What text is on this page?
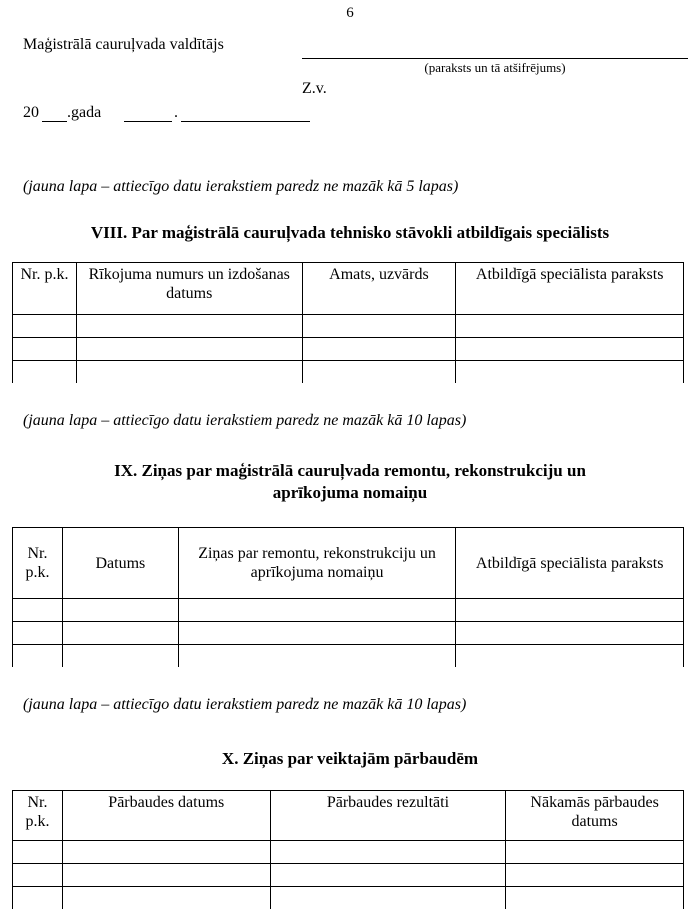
6
Maģistrālā cauruļvada valdītājs
(paraksts un tā atšifrējums)
Z.v.
20 .gada	.
(jauna lapa – attiecīgo datu ierakstiem paredz ne mazāk kā 5 lapas)
VIII. Par maģistrālā cauruļvada tehnisko stāvokli atbildīgais speciālists
Nr. p.k.	Rīkojuma numurs un izdošanas datums	Amats, uzvārds	Atbildīgā speciālista paraksts

(jauna lapa – attiecīgo datu ierakstiem paredz ne mazāk kā 10 lapas)
IX. Ziņas par maģistrālā cauruļvada remontu, rekonstrukciju un
aprīkojuma nomaiņu
Nr. p.k.	Datums	Ziņas par remontu, rekonstrukciju un aprīkojuma nomaiņu	Atbildīgā speciālista paraksts

(jauna lapa – attiecīgo datu ierakstiem paredz ne mazāk kā 10 lapas)
X. Ziņas par veiktajām pārbaudēm
Nr. p.k.	Pārbaudes datums	Pārbaudes rezultāti	Nākamās pārbaudes datums
